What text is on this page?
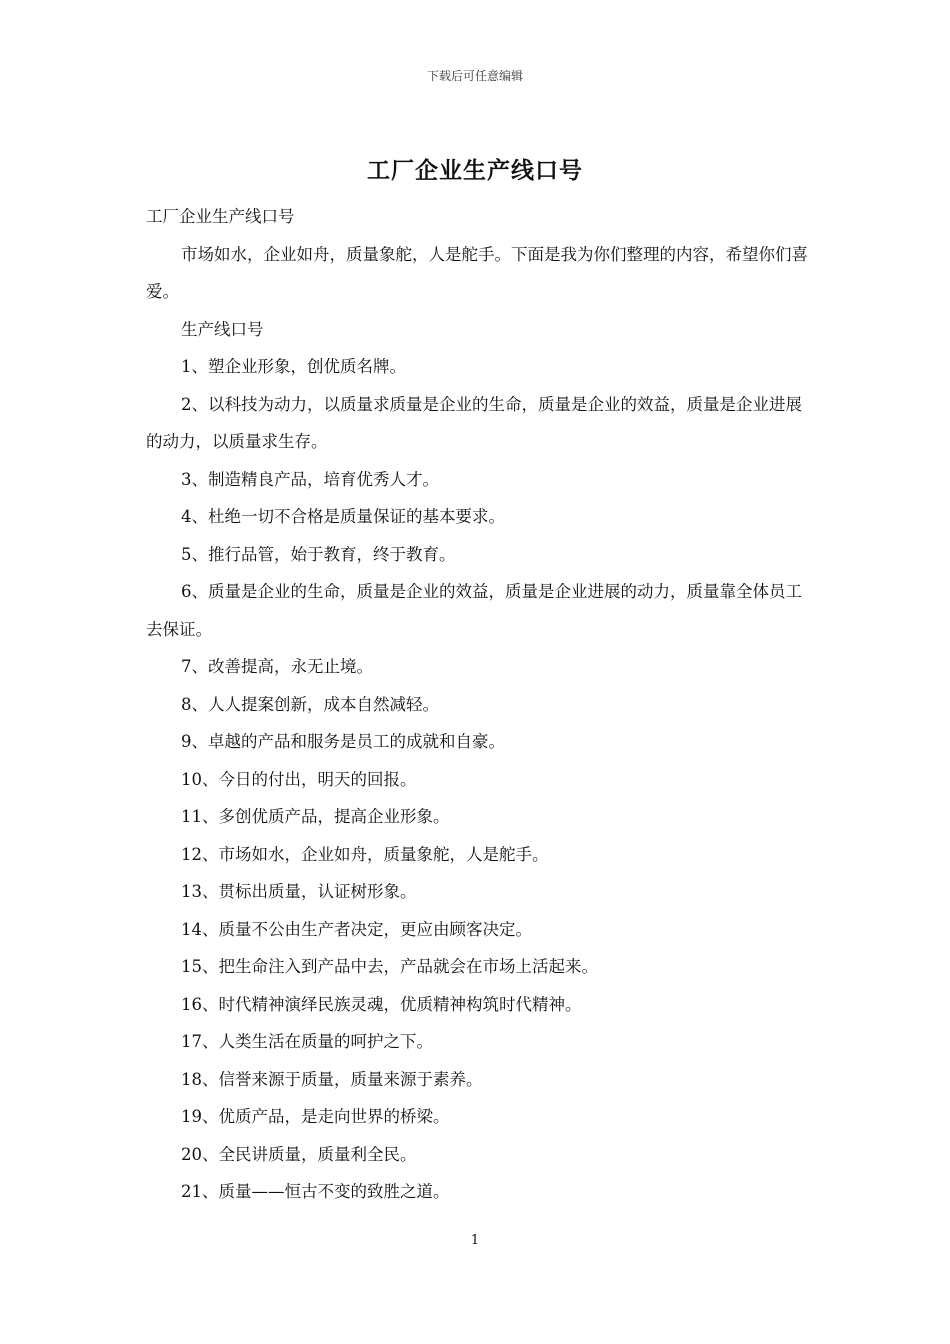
下载后可任意编辑
工厂企业生产线口号

工厂企业生产线口号

市场如水，企业如舟，质量象舵，人是舵手。下面是我为你们整理的内容，希望你们喜爱。

生产线口号

1、塑企业形象，创优质名牌。

2、以科技为动力，以质量求质量是企业的生命，质量是企业的效益，质量是企业进展的动力，以质量求生存。

3、制造精良产品，培育优秀人才。

4、杜绝一切不合格是质量保证的基本要求。

5、推行品管，始于教育，终于教育。

6、质量是企业的生命，质量是企业的效益，质量是企业进展的动力，质量靠全体员工去保证。

7、改善提高，永无止境。

8、人人提案创新，成本自然减轻。

9、卓越的产品和服务是员工的成就和自豪。

10、今日的付出，明天的回报。

11、多创优质产品，提高企业形象。

12、市场如水，企业如舟，质量象舵，人是舵手。

13、贯标出质量，认证树形象。

14、质量不公由生产者决定，更应由顾客决定。

15、把生命注入到产品中去，产品就会在市场上活起来。

16、时代精神演绎民族灵魂，优质精神构筑时代精神。

17、人类生活在质量的呵护之下。

18、信誉来源于质量，质量来源于素养。

19、优质产品，是走向世界的桥梁。

20、全民讲质量，质量利全民。

21、质量——恒古不变的致胜之道。

1
